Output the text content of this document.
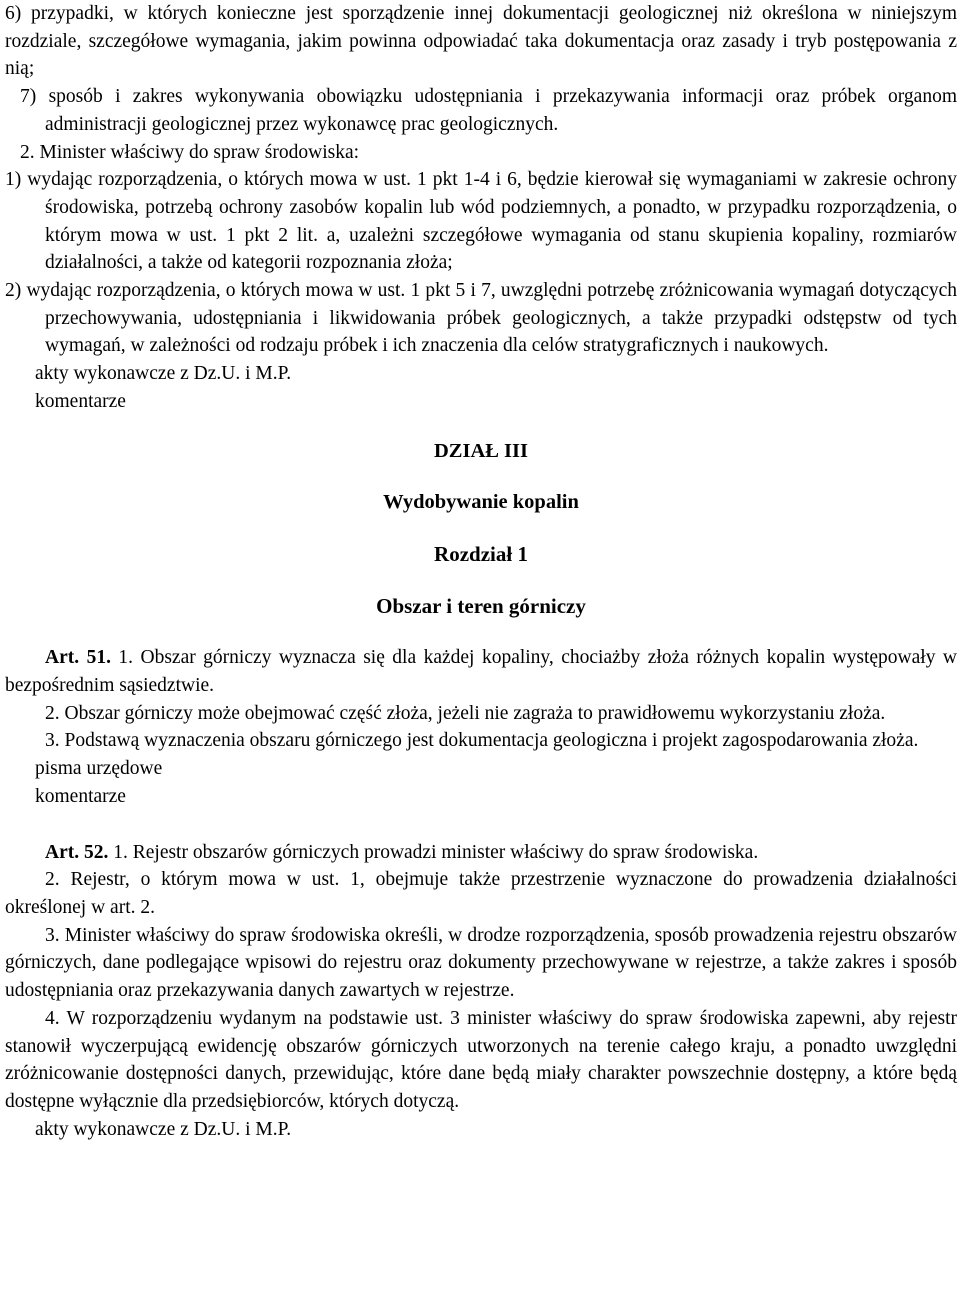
6) przypadki, w których konieczne jest sporządzenie innej dokumentacji geologicznej niż określona w niniejszym rozdziale, szczegółowe wymagania, jakim powinna odpowiadać taka dokumentacja oraz zasady i tryb postępowania z nią;

7) sposób i zakres wykonywania obowiązku udostępniania i przekazywania informacji oraz próbek organom administracji geologicznej przez wykonawcę prac geologicznych.

2. Minister właściwy do spraw środowiska:

1) wydając rozporządzenia, o których mowa w ust. 1 pkt 1-4 i 6, będzie kierował się wymaganiami w zakresie ochrony środowiska, potrzebą ochrony zasobów kopalin lub wód podziemnych, a ponadto, w przypadku rozporządzenia, o którym mowa w ust. 1 pkt 2 lit. a, uzależni szczegółowe wymagania od stanu skupienia kopaliny, rozmiarów działalności, a także od kategorii rozpoznania złoża;

2) wydając rozporządzenia, o których mowa w ust. 1 pkt 5 i 7, uwzględni potrzebę zróżnicowania wymagań dotyczących przechowywania, udostępniania i likwidowania próbek geologicznych, a także przypadki odstępstw od tych wymagań, w zależności od rodzaju próbek i ich znaczenia dla celów stratygraficznych i naukowych.

akty wykonawcze z Dz.U. i M.P.

komentarze

DZIAŁ III

Wydobywanie kopalin

Rozdział 1

Obszar i teren górniczy

Art. 51. 1. Obszar górniczy wyznacza się dla każdej kopaliny, chociażby złoża różnych kopalin występowały w bezpośrednim sąsiedztwie.

2. Obszar górniczy może obejmować część złoża, jeżeli nie zagraża to prawidłowemu wykorzystaniu złoża.

3. Podstawą wyznaczenia obszaru górniczego jest dokumentacja geologiczna i projekt zagospodarowania złoża.

pisma urzędowe

komentarze

Art. 52. 1. Rejestr obszarów górniczych prowadzi minister właściwy do spraw środowiska.

2. Rejestr, o którym mowa w ust. 1, obejmuje także przestrzenie wyznaczone do prowadzenia działalności określonej w art. 2.

3. Minister właściwy do spraw środowiska określi, w drodze rozporządzenia, sposób prowadzenia rejestru obszarów górniczych, dane podlegające wpisowi do rejestru oraz dokumenty przechowywane w rejestrze, a także zakres i sposób udostępniania oraz przekazywania danych zawartych w rejestrze.

4. W rozporządzeniu wydanym na podstawie ust. 3 minister właściwy do spraw środowiska zapewni, aby rejestr stanowił wyczerpującą ewidencję obszarów górniczych utworzonych na terenie całego kraju, a ponadto uwzględni zróżnicowanie dostępności danych, przewidując, które dane będą miały charakter powszechnie dostępny, a które będą dostępne wyłącznie dla przedsiębiorców, których dotyczą.

akty wykonawcze z Dz.U. i M.P.
